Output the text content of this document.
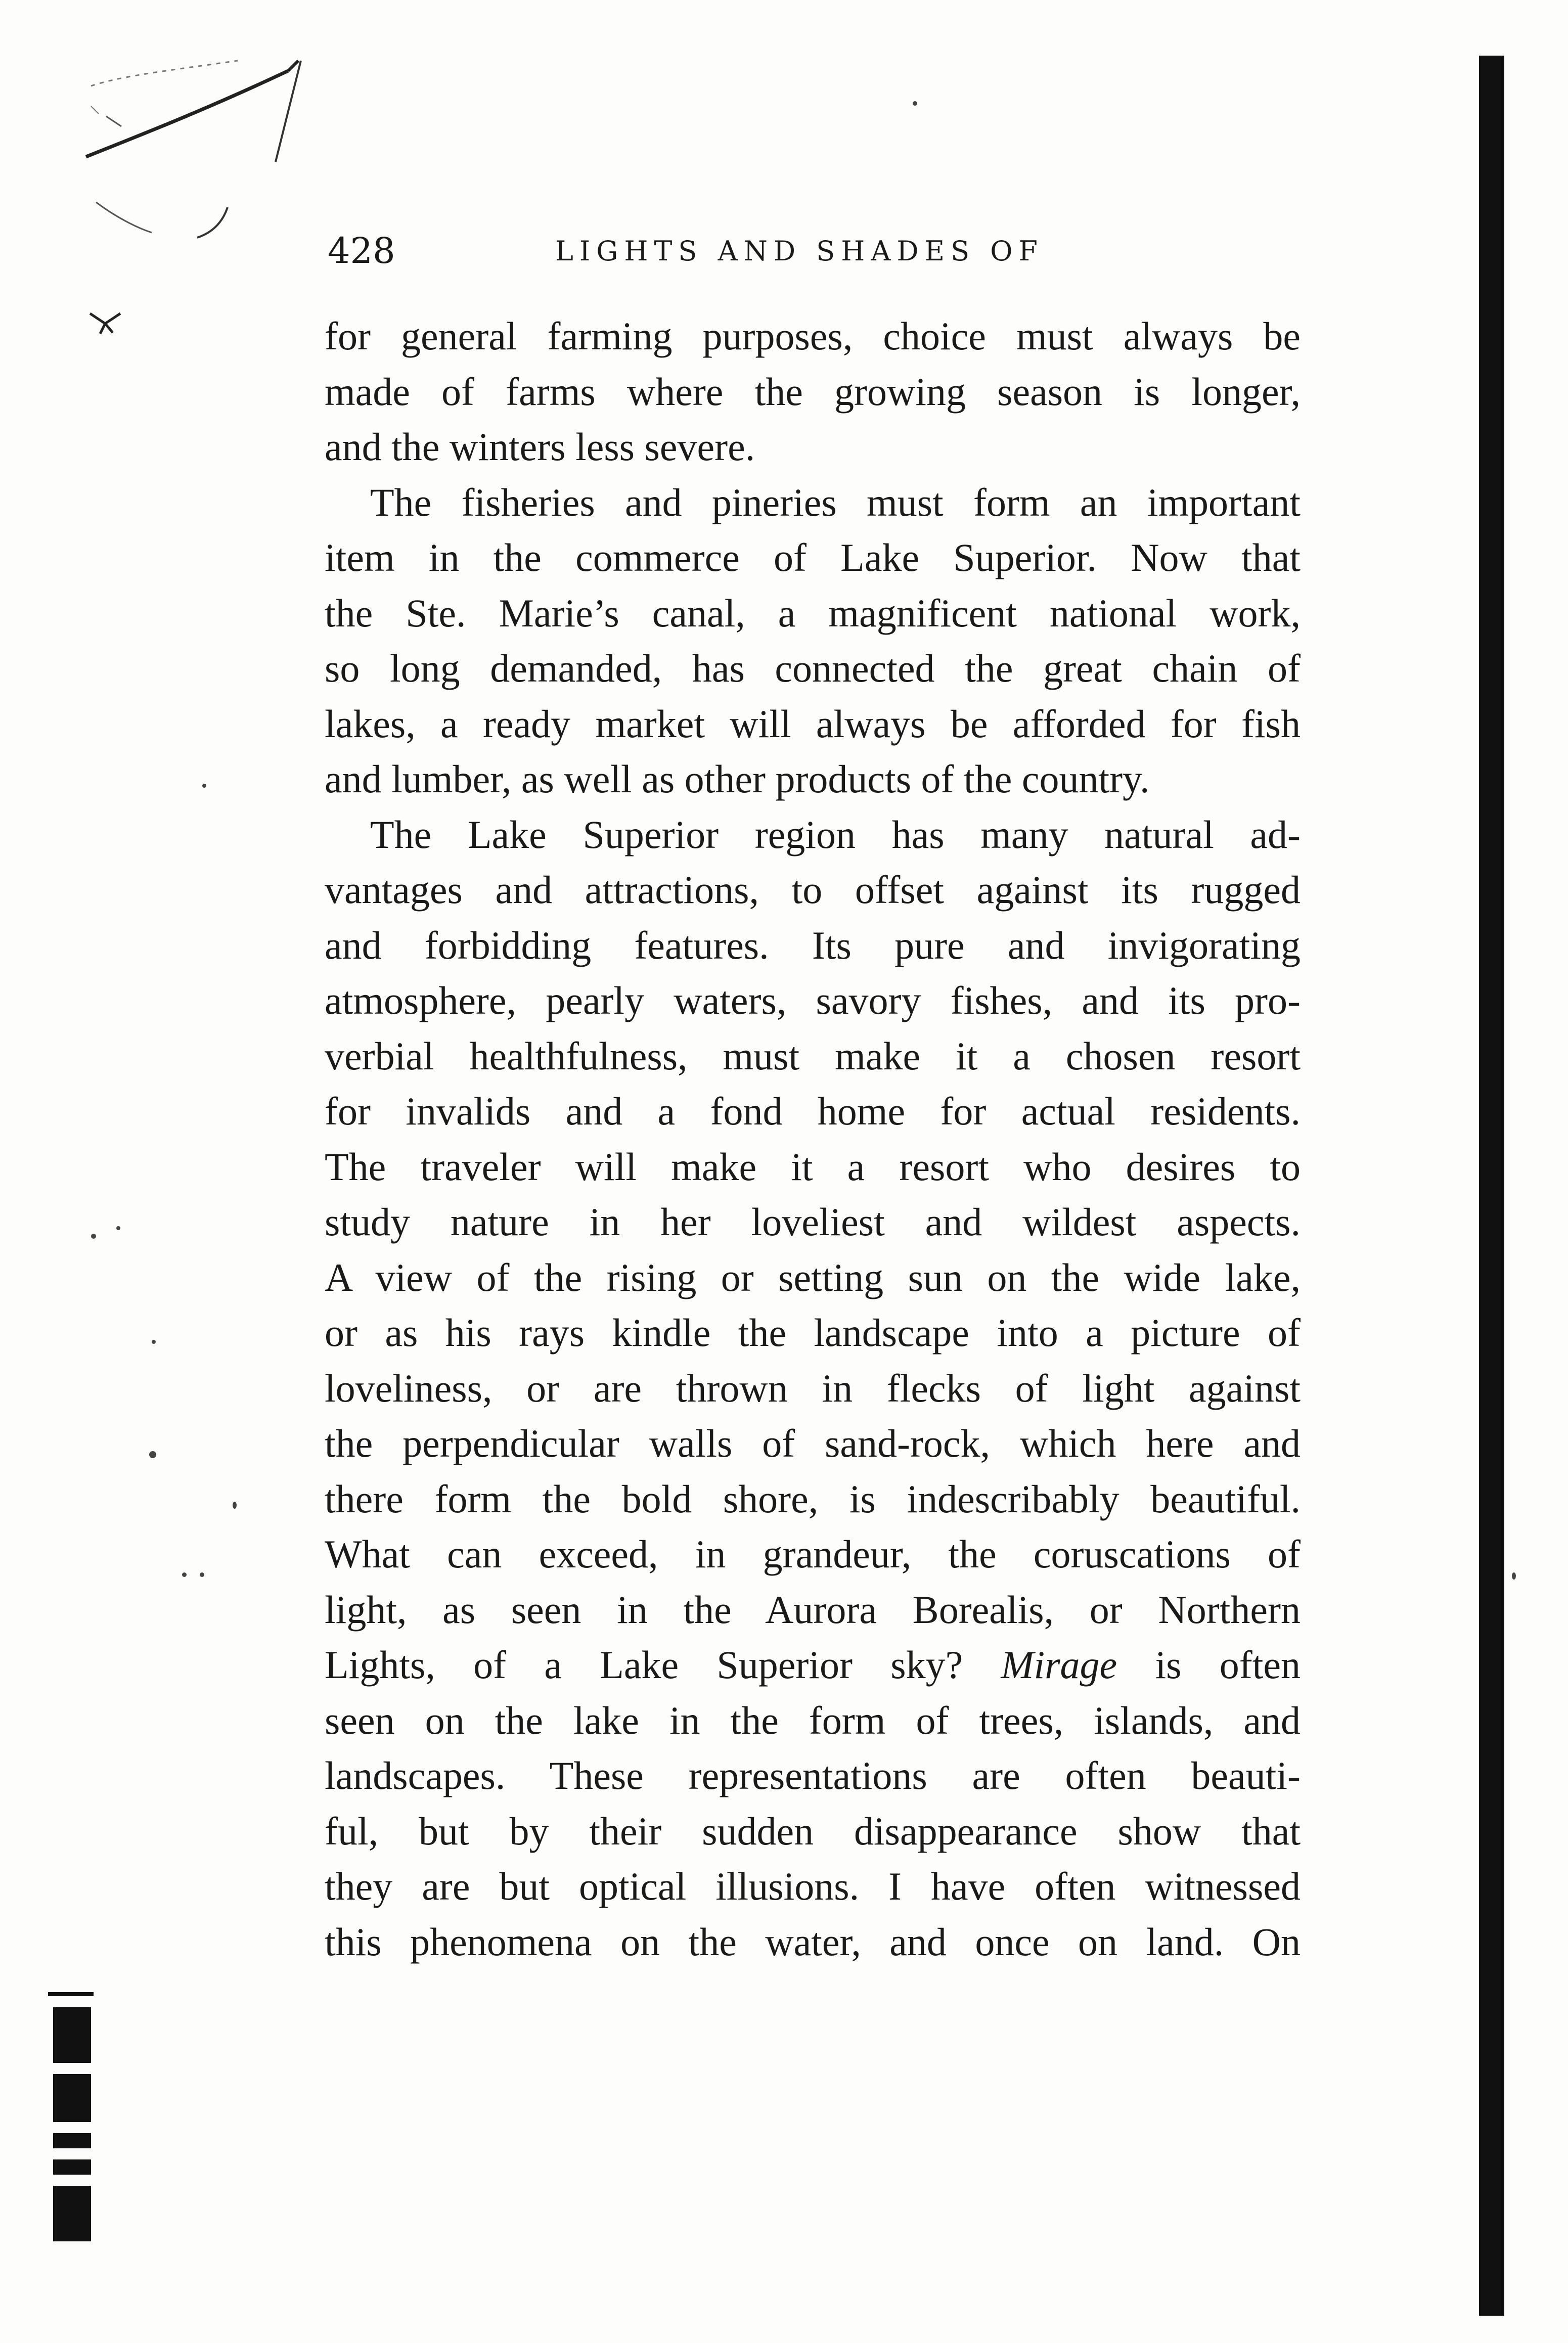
428	LIGHTS AND SHADES OF
for general farming purposes, choice must always be
made of farms where the growing season is longer,
and the winters less severe.
The fisheries and pineries must form an important
item in the commerce of Lake Superior. Now that
the Ste. Marie’s canal, a magnificent national work,
so long demanded, has connected the great chain of
lakes, a ready market will always be afforded for fish
and lumber, as well as other products of the country.
The Lake Superior region has many natural ad-
vantages and attractions, to offset against its rugged
and forbidding features. Its pure and invigorating
atmosphere, pearly waters, savory fishes, and its pro-
verbial healthfulness, must make it a chosen resort
for invalids and a fond home for actual residents.
The traveler will make it a resort who desires to
study nature in her loveliest and wildest aspects.
A view of the rising or setting sun on the wide lake,
or as his rays kindle the landscape into a picture of
loveliness, or are thrown in flecks of light against
the perpendicular walls of sand-rock, which here and
there form the bold shore, is indescribably beautiful.
What can exceed, in grandeur, the coruscations of
light, as seen in the Aurora Borealis, or Northern
Lights, of a Lake Superior sky? Mirage is often
seen on the lake in the form of trees, islands, and
landscapes. These representations are often beauti-
ful, but by their sudden disappearance show that
they are but optical illusions. I have often witnessed
this phenomena on the water, and once on land. On
